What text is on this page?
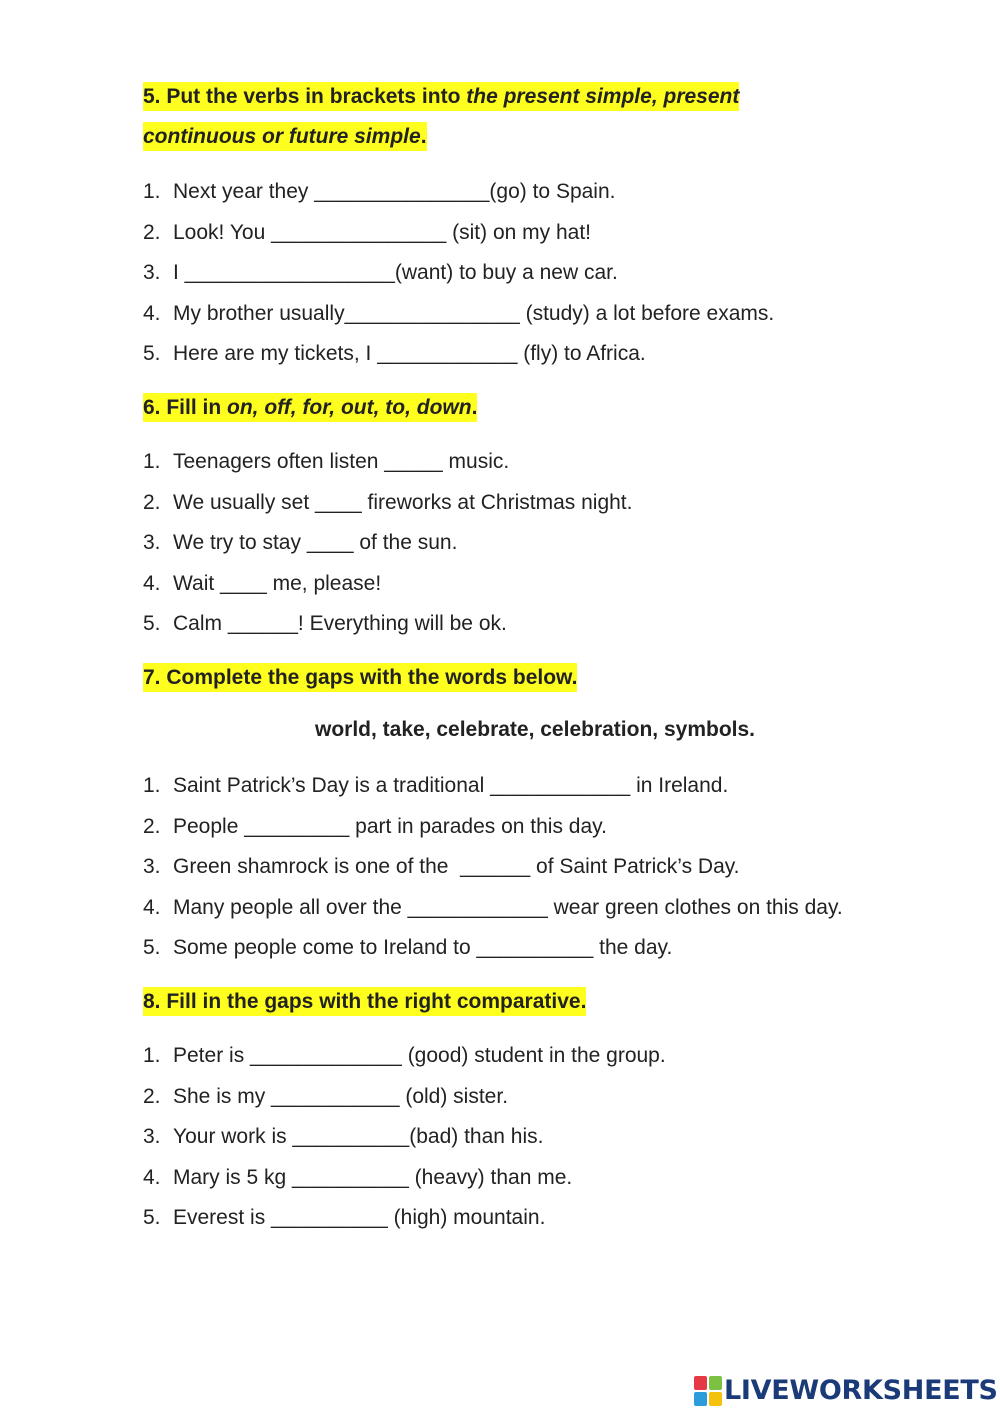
5. Put the verbs in brackets into the present simple, present
continuous or future simple.
1. Next year they _______________(go) to Spain.
2. Look! You _______________ (sit) on my hat!
3. I __________________(want) to buy a new car.
4. My brother usually_______________ (study) a lot before exams.
5. Here are my tickets, I ____________ (fly) to Africa.
6. Fill in on, off, for, out, to, down.
1. Teenagers often listen _____ music.
2. We usually set ____ fireworks at Christmas night.
3. We try to stay ____ of the sun.
4. Wait ____ me, please!
5. Calm ______! Everything will be ok.
7. Complete the gaps with the words below.

world, take, celebrate, celebration, symbols.

1. Saint Patrick’s Day is a traditional ____________ in Ireland.
2. People _________ part in parades on this day.
3. Green shamrock is one of the  ______ of Saint Patrick’s Day.
4. Many people all over the ____________ wear green clothes on this day.
5. Some people come to Ireland to __________ the day.
8. Fill in the gaps with the right comparative.
1. Peter is _____________ (good) student in the group.
2. She is my ___________ (old) sister.
3. Your work is __________(bad) than his.
4. Mary is 5 kg __________ (heavy) than me.
5. Everest is __________ (high) mountain.
LIVEWORKSHEETS
